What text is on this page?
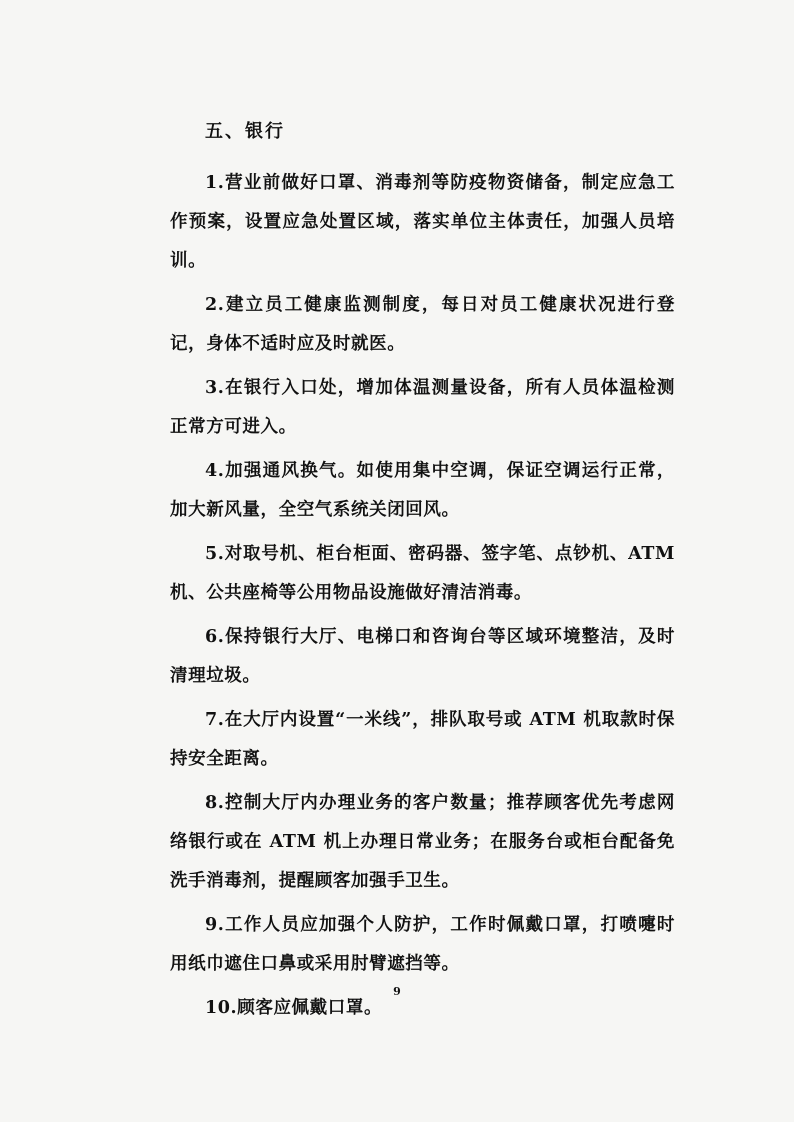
五、银行

1.营业前做好口罩、消毒剂等防疫物资储备，制定应急工作预案，设置应急处置区域，落实单位主体责任，加强人员培训。

2.建立员工健康监测制度，每日对员工健康状况进行登记，身体不适时应及时就医。

3.在银行入口处，增加体温测量设备，所有人员体温检测正常方可进入。

4.加强通风换气。如使用集中空调，保证空调运行正常，加大新风量，全空气系统关闭回风。

5.对取号机、柜台柜面、密码器、签字笔、点钞机、ATM机、公共座椅等公用物品设施做好清洁消毒。

6.保持银行大厅、电梯口和咨询台等区域环境整洁，及时清理垃圾。

7.在大厅内设置“一米线”，排队取号或 ATM 机取款时保持安全距离。

8.控制大厅内办理业务的客户数量；推荐顾客优先考虑网络银行或在 ATM 机上办理日常业务；在服务台或柜台配备免洗手消毒剂，提醒顾客加强手卫生。

9.工作人员应加强个人防护，工作时佩戴口罩，打喷嚏时用纸巾遮住口鼻或采用肘臂遮挡等。

10.顾客应佩戴口罩。

9
